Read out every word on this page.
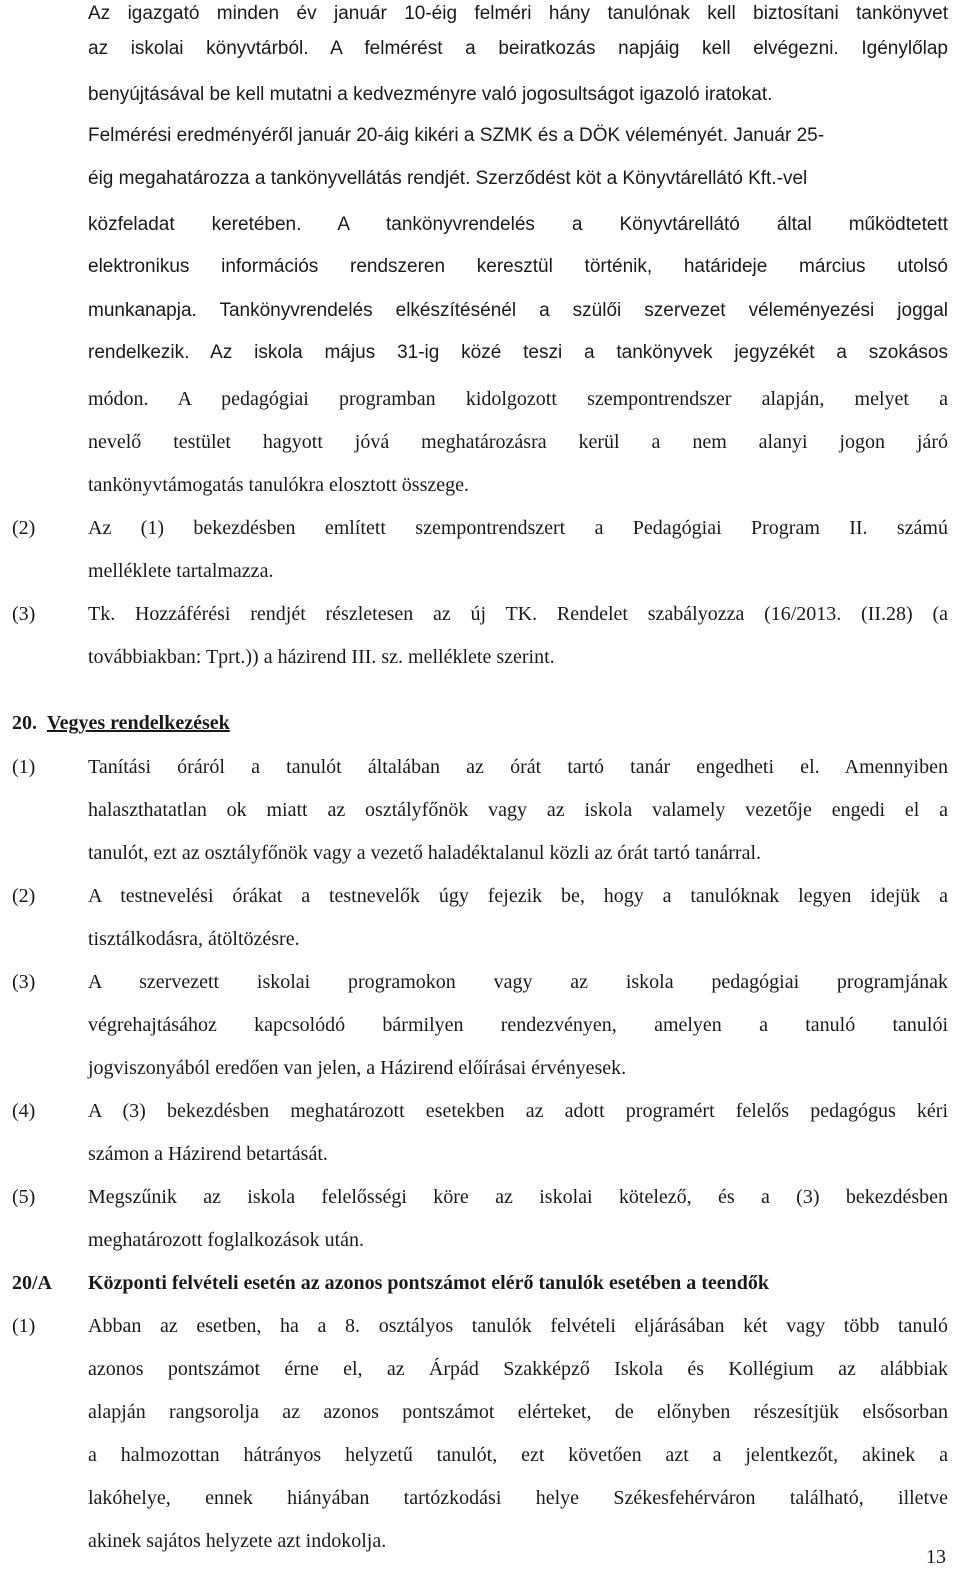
Az igazgató minden év január 10-éig felméri hány tanulónak kell biztosítani tankönyvet
az iskolai könyvtárból. A felmérést a beiratkozás napjáig kell elvégezni. Igénylőlap
benyújtásával be kell mutatni a kedvezményre való jogosultságot igazoló iratokat.
Felmérési eredményéről január 20-áig kikéri a SZMK és a DÖK véleményét. Január 25-
éig megahatározza a tankönyvellátás rendjét. Szerződést köt a Könyvtárellátó Kft.-vel
közfeladat keretében. A tankönyvrendelés a Könyvtárellátó által működtetett
elektronikus információs rendszeren keresztül történik, határideje március utolsó
munkanapja. Tankönyvrendelés elkészítésénél a szülői szervezet véleményezési joggal
rendelkezik. Az iskola május 31-ig közé teszi a tankönyvek jegyzékét a szokásos
módon. A pedagógiai programban kidolgozott szempontrendszer alapján, melyet a
nevelő testület hagyott jóvá meghatározásra kerül a nem alanyi jogon járó
tankönyvtámogatás tanulókra elosztott összege.
(2)	Az (1) bekezdésben említett szempontrendszert a Pedagógiai Program II. számú
melléklete tartalmazza.
(3)	Tk. Hozzáférési rendjét részletesen az új TK. Rendelet szabályozza (16/2013. (II.28) (a
továbbiakban: Tprt.)) a házirend III. sz. melléklete szerint.
20. Vegyes rendelkezések
(1)	Tanítási óráról a tanulót általában az órát tartó tanár engedheti el. Amennyiben
halaszthatatlan ok miatt az osztályfőnök vagy az iskola valamely vezetője engedi el a
tanulót, ezt az osztályfőnök vagy a vezető haladéktalanul közli az órát tartó tanárral.
(2)	A testnevelési órákat a testnevelők úgy fejezik be, hogy a tanulóknak legyen idejük a
tisztálkodásra, átöltözésre.
(3)	A szervezett iskolai programokon vagy az iskola pedagógiai programjának
végrehajtásához kapcsolódó bármilyen rendezvényen, amelyen a tanuló tanulói
jogviszonyából eredően van jelen, a Házirend előírásai érvényesek.
(4)	A (3) bekezdésben meghatározott esetekben az adott programért felelős pedagógus kéri
számon a Házirend betartását.
(5)	Megszűnik az iskola felelősségi köre az iskolai kötelező, és a (3) bekezdésben
meghatározott foglalkozások után.
20/A Központi felvételi esetén az azonos pontszámot elérő tanulók esetében a teendők
(1)	Abban az esetben, ha a 8. osztályos tanulók felvételi eljárásában két vagy több tanuló
azonos pontszámot érne el, az Árpád Szakképző Iskola és Kollégium az alábbiak
alapján rangsorolja az azonos pontszámot elérteket, de előnyben részesítjük elsősorban
a halmozottan hátrányos helyzetű tanulót, ezt követően azt a jelentkezőt, akinek a
lakóhelye, ennek hiányában tartózkodási helye Székesfehérváron található, illetve
akinek sajátos helyzete azt indokolja.
13
